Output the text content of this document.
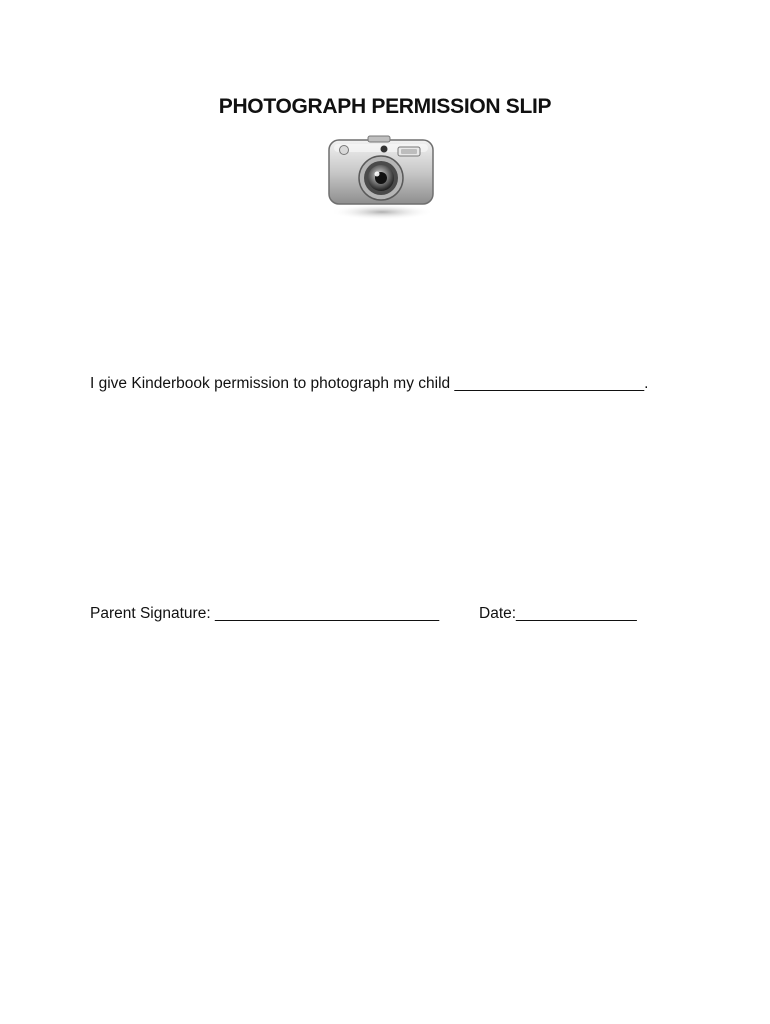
PHOTOGRAPH PERMISSION SLIP
I give Kinderbook permission to photograph my child ______________________.
Parent Signature: __________________________	Date:______________
